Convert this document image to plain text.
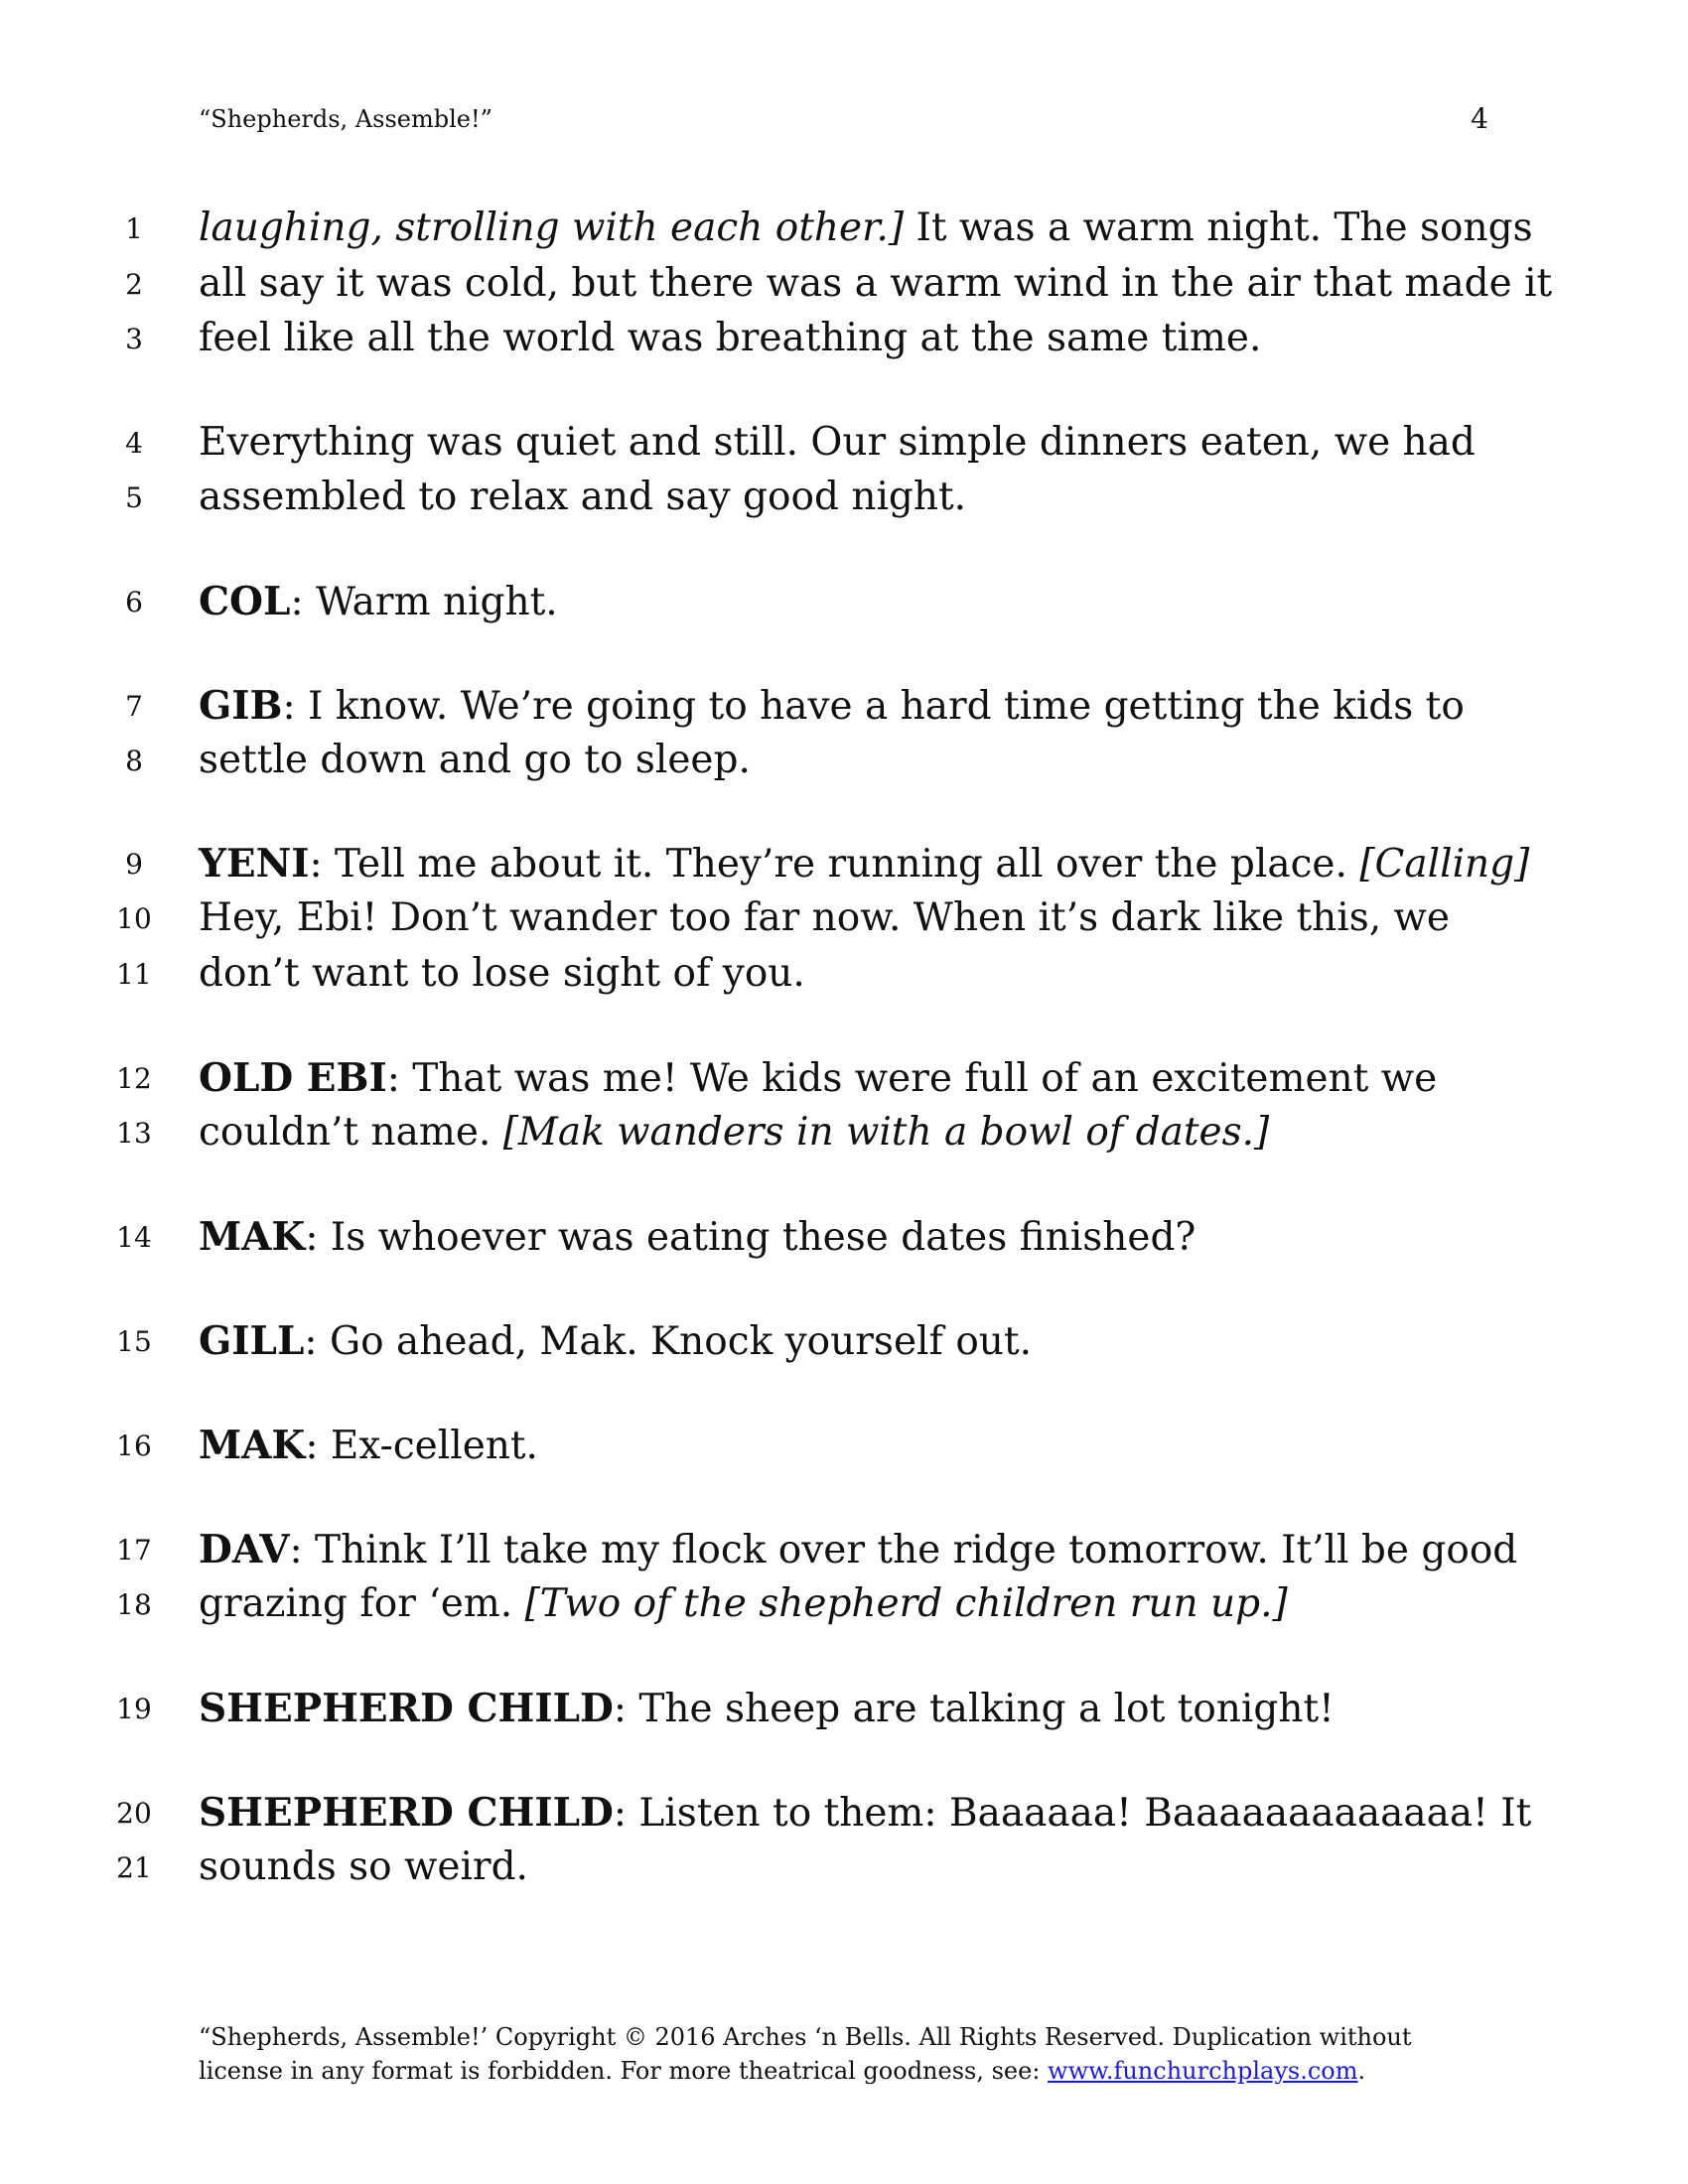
“Shepherds, Assemble!”	4
1	laughing, strolling with each other.] It was a warm night. The songs
2	all say it was cold, but there was a warm wind in the air that made it
3	feel like all the world was breathing at the same time.
4	Everything was quiet and still. Our simple dinners eaten, we had
5	assembled to relax and say good night.
6	COL: Warm night.
7	GIB: I know. We’re going to have a hard time getting the kids to
8	settle down and go to sleep.
9	YENI: Tell me about it. They’re running all over the place. [Calling]
10	Hey, Ebi! Don’t wander too far now. When it’s dark like this, we
11	don’t want to lose sight of you.
12	OLD EBI: That was me! We kids were full of an excitement we
13	couldn’t name. [Mak wanders in with a bowl of dates.]
14	MAK: Is whoever was eating these dates finished?
15	GILL: Go ahead, Mak. Knock yourself out.
16	MAK: Ex-cellent.
17	DAV: Think I’ll take my flock over the ridge tomorrow. It’ll be good
18	grazing for ‘em. [Two of the shepherd children run up.]
19	SHEPHERD CHILD: The sheep are talking a lot tonight!
20	SHEPHERD CHILD: Listen to them: Baaaaaa! Baaaaaaaaaaaaa! It
21	sounds so weird.
“Shepherds, Assemble!’ Copyright © 2016 Arches ‘n Bells. All Rights Reserved. Duplication without
license in any format is forbidden. For more theatrical goodness, see: www.funchurchplays.com.
